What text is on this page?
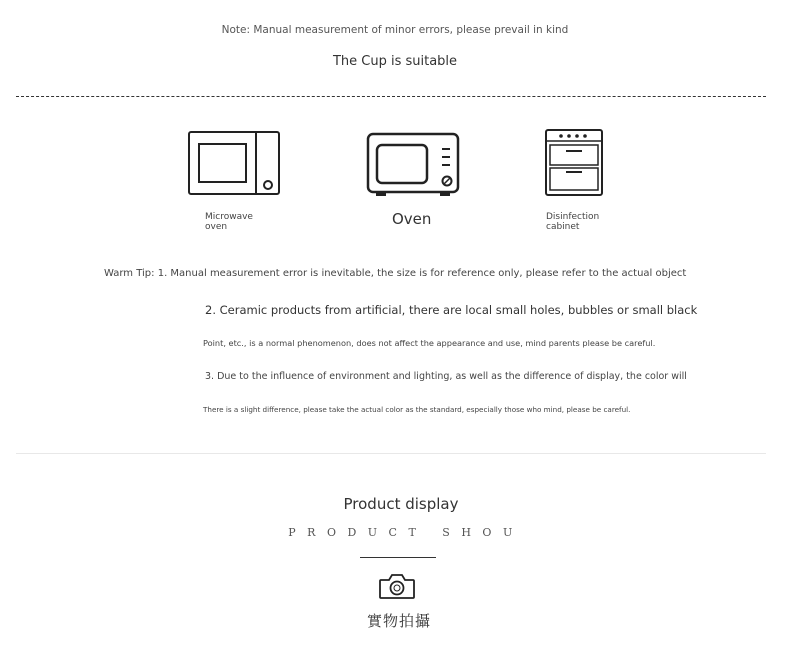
Note: Manual measurement of minor errors, please prevail in kind
The Cup is suitable
Microwave
oven	Oven	Disinfection
cabinet
Warm Tip: 1. Manual measurement error is inevitable, the size is for reference only, please refer to the actual object
2. Ceramic products from artificial, there are local small holes, bubbles or small black
Point, etc., is a normal phenomenon, does not affect the appearance and use, mind parents please be careful.
3. Due to the influence of environment and lighting, as well as the difference of display, the color will
There is a slight difference, please take the actual color as the standard, especially those who mind, please be careful.
Product display
PRODUCT SHOU
實物拍攝
